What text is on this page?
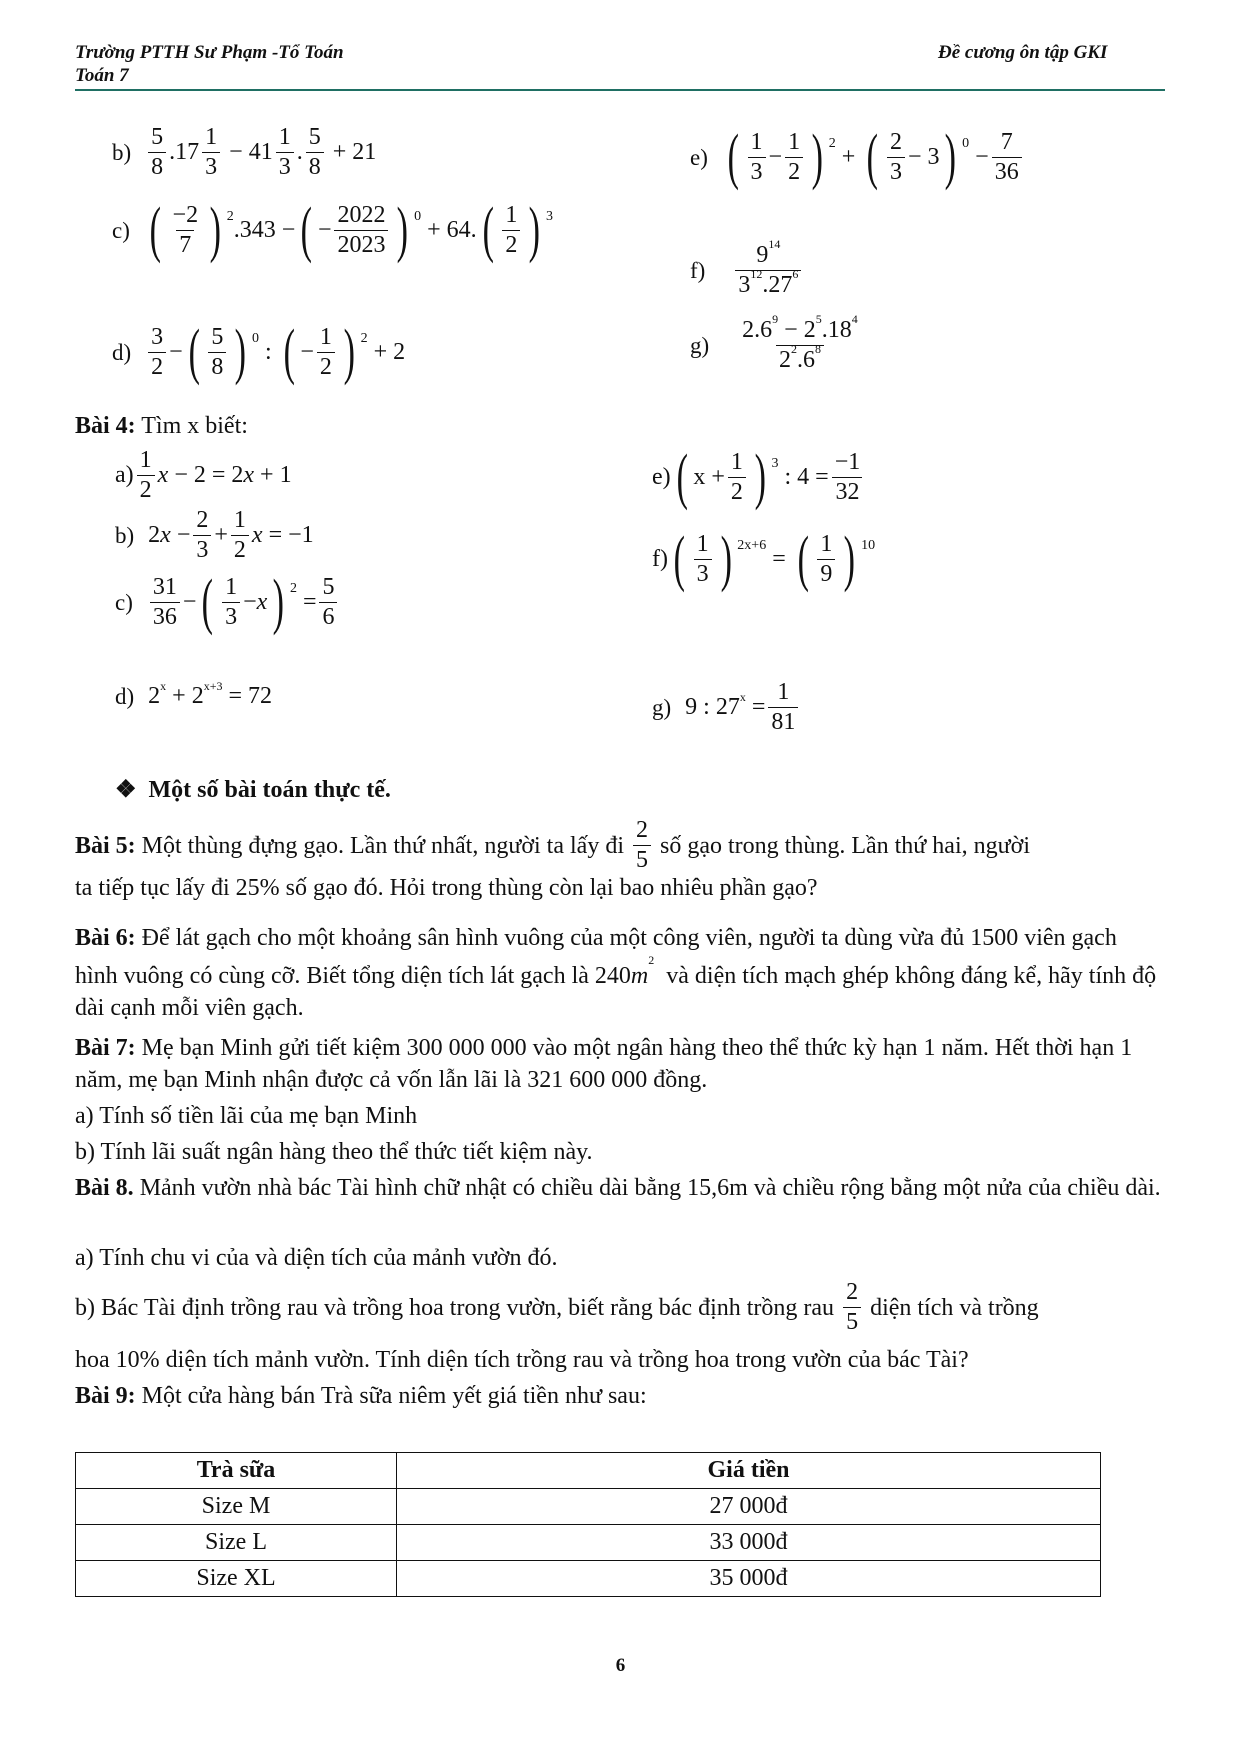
Trường PTTH Sư Phạm -Tổ Toán
Toán 7
Đề cương ôn tập GKI
b)
5
8
.17
1
3
− 41
1
3
.
5
8
+ 21
c) ( −2
7 ) $^2$
.343 − ( −
2022
2023 ) $^0$
+ 64. ( 1
2 ) $^3$
d)
3
2
− ( 5
8 ) $^0$
: ( −
1
2 ) $^2$
+ 2
e) ( 1
3
−
1
2 ) $^2$
+ ( 2
3
− 3 ) $^0$
−
7
36
f)
$9^{14}$
$3^{12}.27^6$
g)
$2.6^9 - 2^5.18^4$
$2^2.6^8$
Bài 4: Tìm x biết:
a)
1
2
x − 2 = 2 x + 1
b) 2 x −
2
3
+
1
2
x = −1
c)
31
36
− ( 1
3
− x ) $^2$
=
5
6
d) $2^x + 2^{x+3} = 72$
e) ( x +
1
2 ) $^3$
: 4 =
−1
32
f) ( 1
3 ) $^{2x+6}$
= ( 1
9 ) $^{10}$
g) 9 : $27^x$ =
1
81
❖ Một số bài toán thực tế.
Bài 5:
Một thùng đựng gạo. Lần thứ nhất, người ta lấy đi

2
5

số gạo trong thùng. Lần thứ hai, người
ta tiếp tục lấy đi 25% số gạo đó. Hỏi trong thùng còn lại bao nhiêu phần gạo?
Bài 6: Để lát gạch cho một khoảng sân hình vuông của một công viên, người ta dùng vừa đủ 1500 viên gạch hình vuông có cùng cỡ. Biết tổng diện tích lát gạch là $240m^2$  và diện tích mạch ghép không đáng kể, hãy tính độ dài cạnh mỗi viên gạch.
Bài 7: Mẹ bạn Minh gửi tiết kiệm 300 000 000 vào một ngân hàng theo thể thức kỳ hạn 1 năm. Hết thời hạn 1 năm, mẹ bạn Minh nhận được cả vốn lẫn lãi là 321 600 000 đồng.
a) Tính số tiền lãi của mẹ bạn Minh
b) Tính lãi suất ngân hàng theo thể thức tiết kiệm này.
Bài 8. Mảnh vườn nhà bác Tài hình chữ nhật có chiều dài bằng 15,6m và chiều rộng bằng một nửa của chiều dài.
a) Tính chu vi của và diện tích của mảnh vườn đó.
b) Bác Tài định trồng rau và trồng hoa trong vườn, biết rằng bác định trồng rau

2
5

diện tích và trồng
hoa 10% diện tích mảnh vườn. Tính diện tích trồng rau và trồng hoa trong vườn của bác Tài?
Bài 9: Một cửa hàng bán Trà sữa niêm yết giá tiền như sau:
Trà sữa	Giá tiền
Size M	27 000đ
Size L	33 000đ
Size XL	35 000đ
6
